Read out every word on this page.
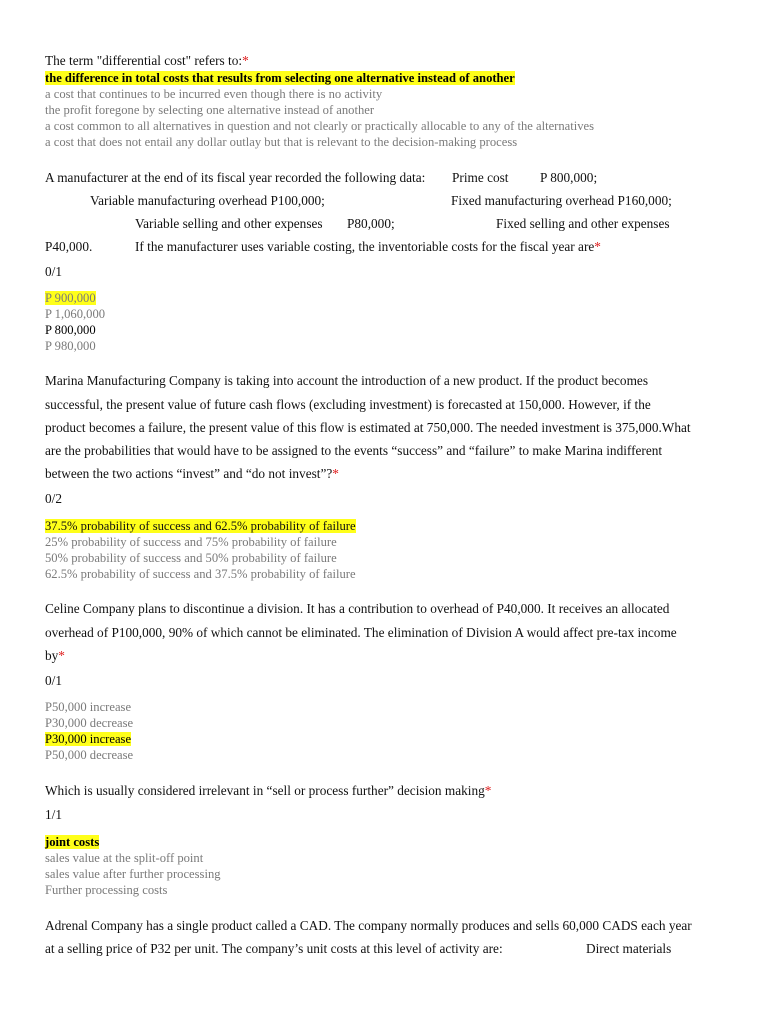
The term "differential cost" refers to:*
the difference in total costs that results from selecting one alternative instead of another
a cost that continues to be incurred even though there is no activity
the profit foregone by selecting one alternative instead of another
a cost common to all alternatives in question and not clearly or practically allocable to any of the alternatives
a cost that does not entail any dollar outlay but that is relevant to the decision-making process
A manufacturer at the end of its fiscal year recorded the following data: Prime cost P 800,000;
Variable manufacturing overhead P100,000;	Fixed manufacturing overhead P160,000;
Variable selling and other expenses P80,000;	Fixed selling and other expenses
P40,000.	If the manufacturer uses variable costing, the inventoriable costs for the fiscal year are*
0/1
P 900,000
P 1,060,000
P 800,000
P 980,000
Marina Manufacturing Company is taking into account the introduction of a new product. If the product becomes
successful, the present value of future cash flows (excluding investment) is forecasted at 150,000. However, if the
product becomes a failure, the present value of this flow is estimated at 750,000. The needed investment is 375,000.What
are the probabilities that would have to be assigned to the events “success” and “failure” to make Marina indifferent
between the two actions “invest” and “do not invest”?*
0/2
37.5% probability of success and 62.5% probability of failure
25% probability of success and 75% probability of failure
50% probability of success and 50% probability of failure
62.5% probability of success and 37.5% probability of failure
Celine Company plans to discontinue a division. It has a contribution to overhead of P40,000. It receives an allocated
overhead of P100,000, 90% of which cannot be eliminated. The elimination of Division A would affect pre-tax income
by*
0/1
P50,000 increase
P30,000 decrease
P30,000 increase
P50,000 decrease
Which is usually considered irrelevant in “sell or process further” decision making*
1/1
joint costs
sales value at the split-off point
sales value after further processing
Further processing costs
Adrenal Company has a single product called a CAD. The company normally produces and sells 60,000 CADS each year
at a selling price of P32 per unit. The company’s unit costs at this level of activity are:	Direct materials
